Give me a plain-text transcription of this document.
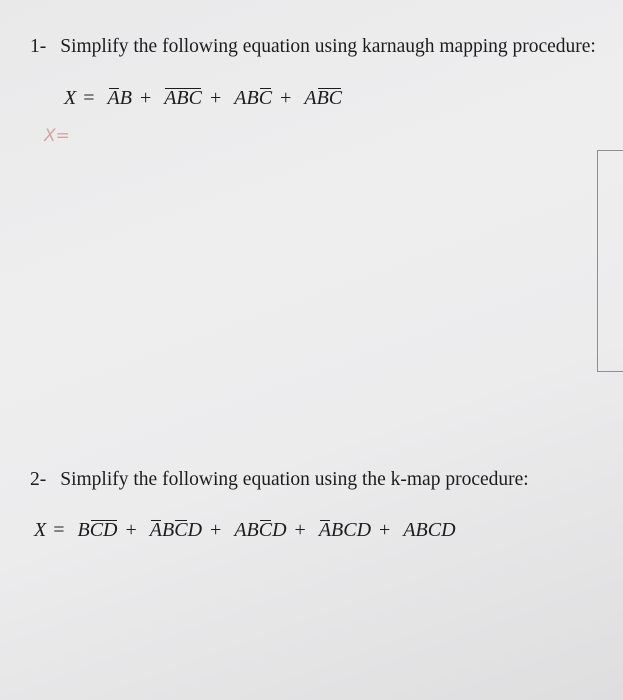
1- Simplify the following equation using karnaugh mapping procedure:
X = AB + ABC + ABC + ABC
X=
2- Simplify the following equation using the k-map procedure:
X = BCD + ABCD + ABCD + ABCD + ABCD
